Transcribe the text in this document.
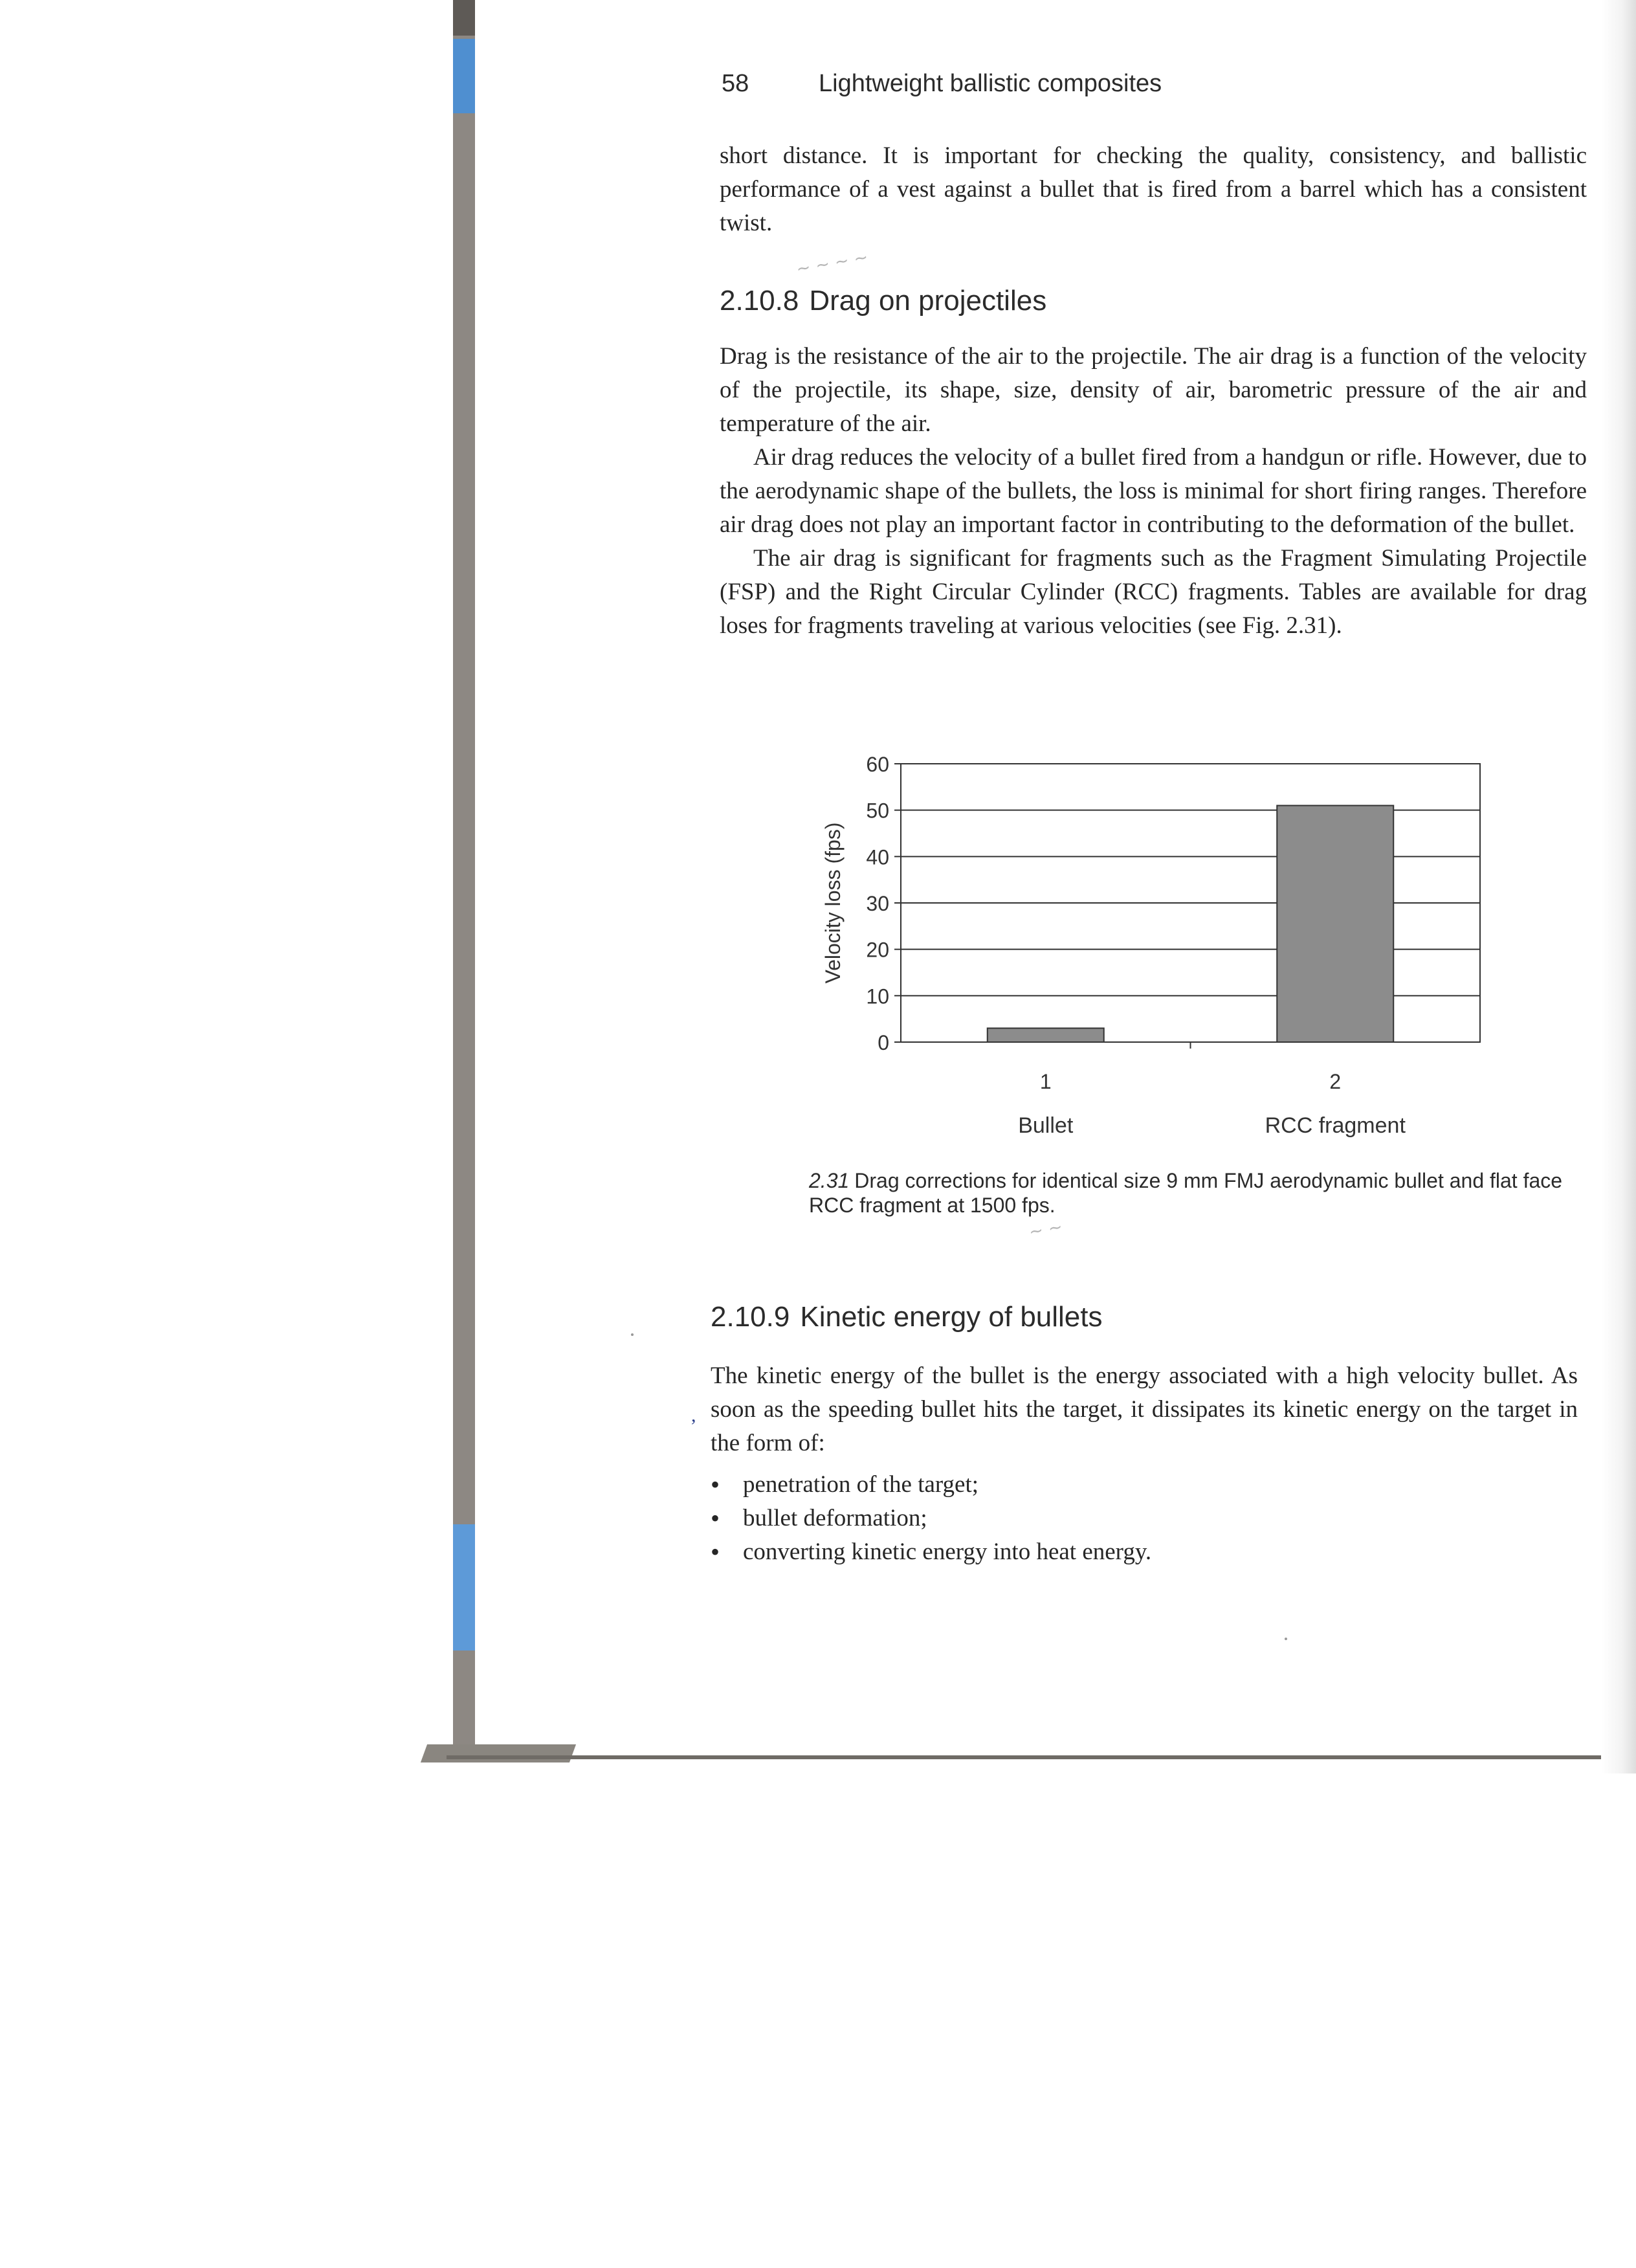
58	Lightweight ballistic composites

short distance. It is important for checking the quality, consistency, and ballistic performance of a vest against a bullet that is fired from a barrel which has a consistent twist.

~ ~ ~ ~
2.10.8 Drag on projectiles

Drag is the resistance of the air to the projectile. The air drag is a function of the velocity of the projectile, its shape, size, density of air, barometric pressure of the air and temperature of the air.

Air drag reduces the velocity of a bullet fired from a handgun or rifle. However, due to the aerodynamic shape of the bullets, the loss is minimal for short firing ranges. Therefore air drag does not play an important factor in contributing to the deformation of the bullet.

The air drag is significant for fragments such as the Fragment Simulating Projectile (FSP) and the Right Circular Cylinder (RCC) fragments. Tables are available for drag loses for fragments traveling at various velocities (see Fig. 2.31).

0
10
20
30
40
50
60
Velocity loss (fps)
1
Bullet
2
RCC fragment
2.31 Drag corrections for identical size 9 mm FMJ aerodynamic bullet and flat face RCC fragment at 1500 fps.
~ ~
2.10.9 Kinetic energy of bullets
,

The kinetic energy of the bullet is the energy associated with a high velocity bullet. As soon as the speeding bullet hits the target, it dissipates its kinetic energy on the target in the form of:

• penetration of the target;
• bullet deformation;
• converting kinetic energy into heat energy.
